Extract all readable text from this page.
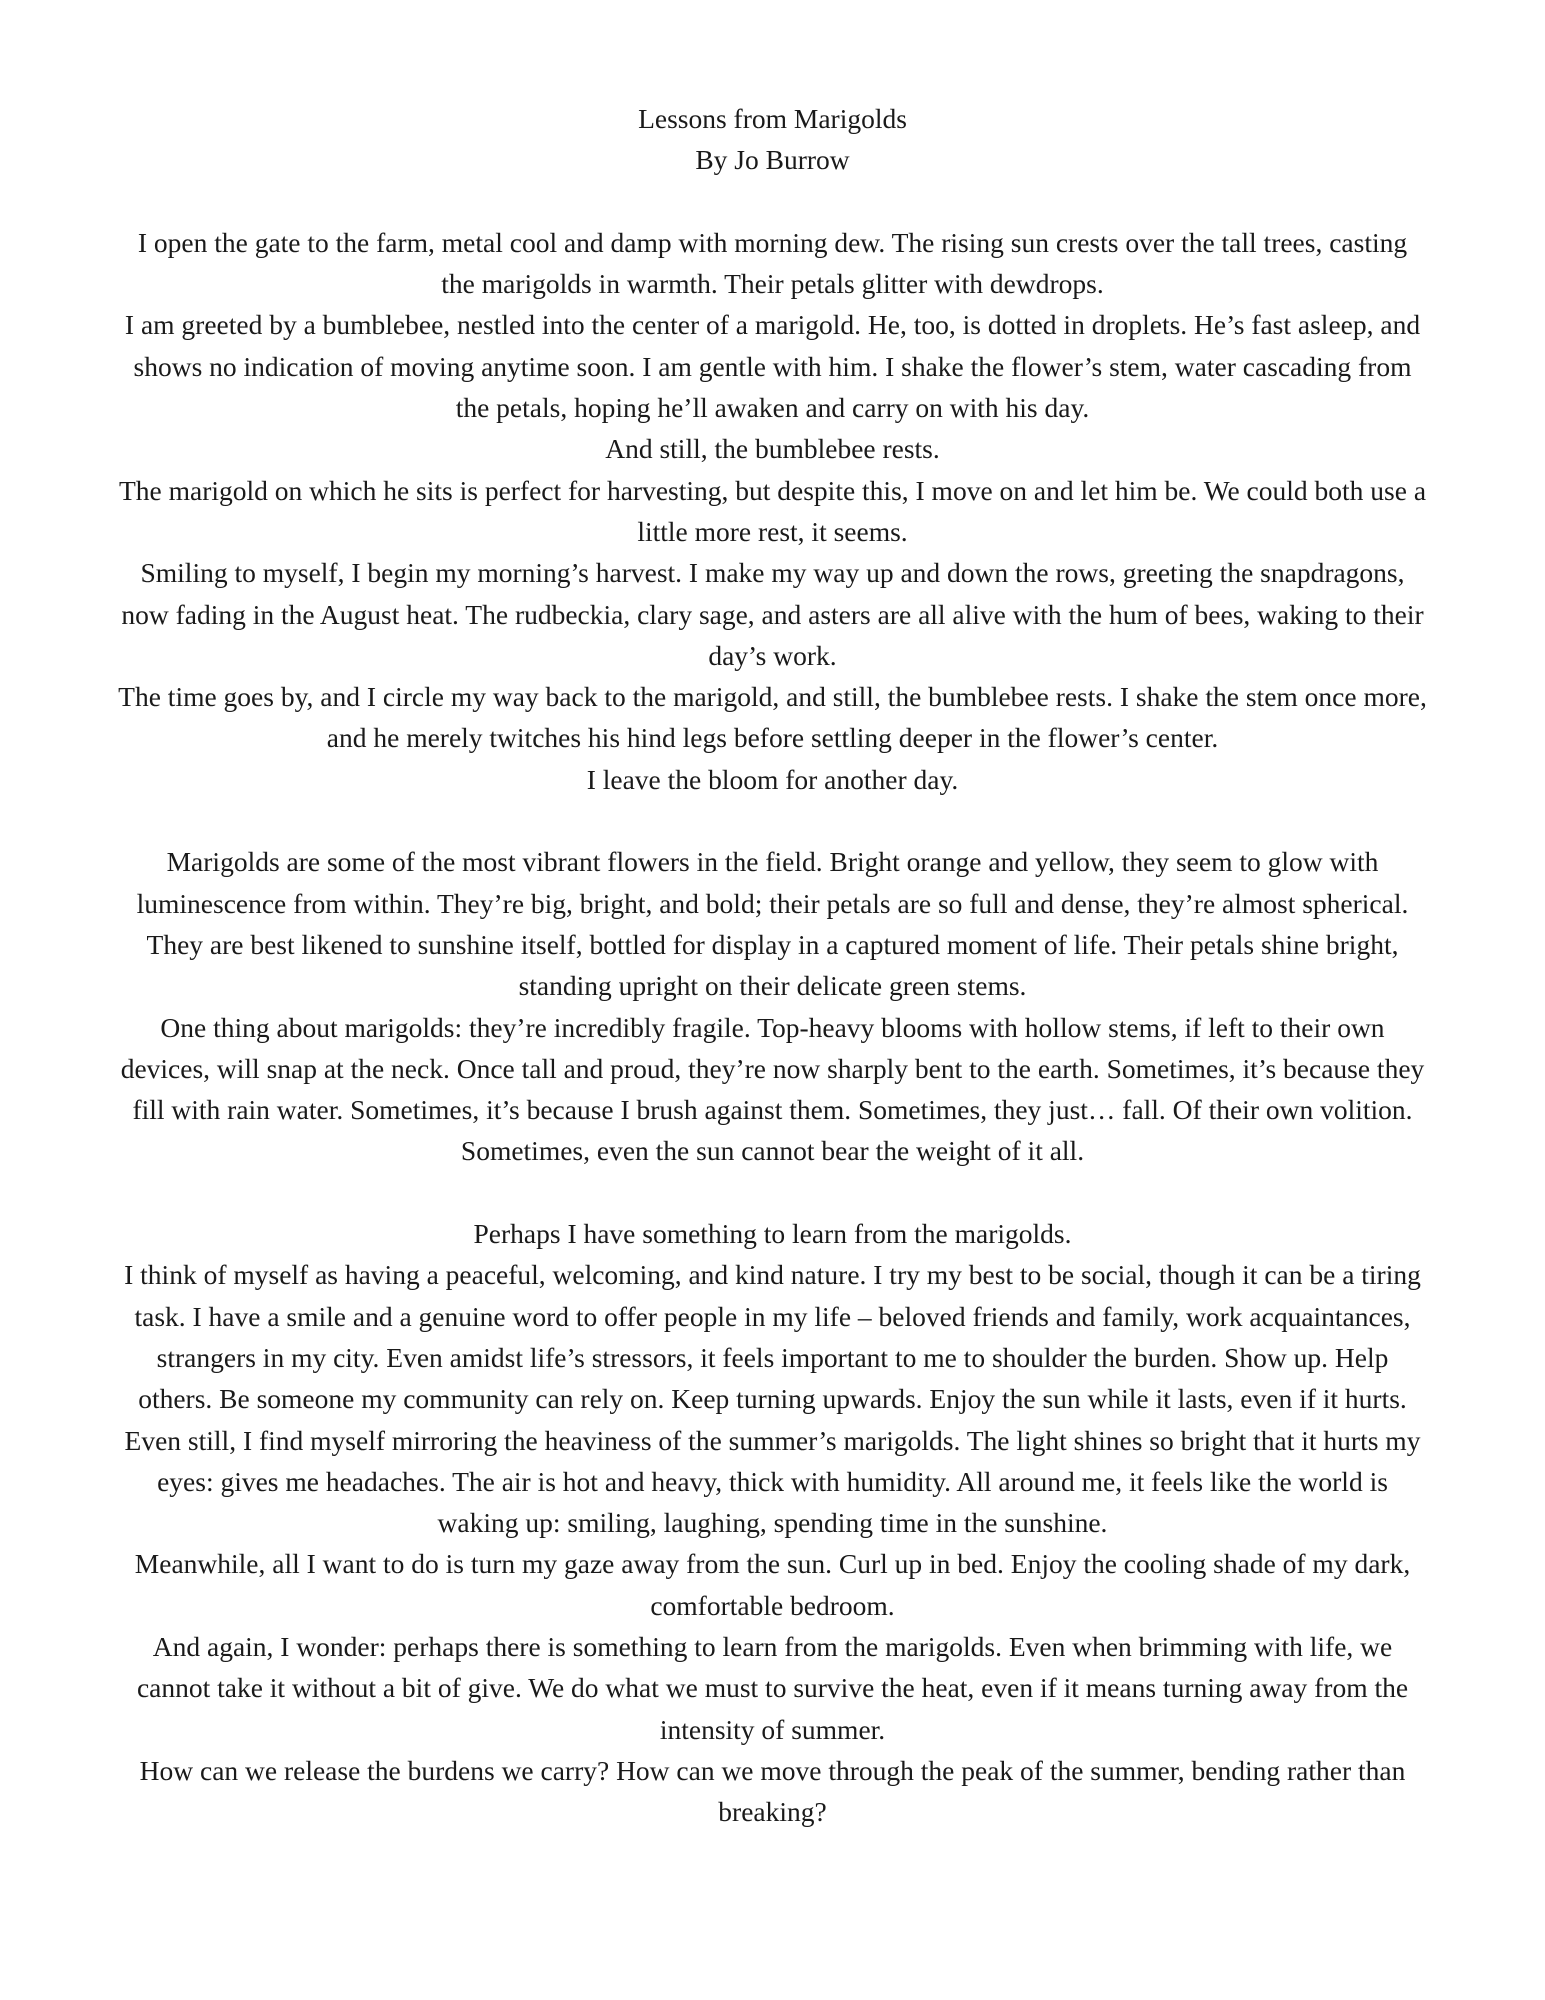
Lessons from Marigolds

By Jo Burrow

I open the gate to the farm, metal cool and damp with morning dew. The rising sun crests over the tall trees, casting the marigolds in warmth. Their petals glitter with dewdrops.

I am greeted by a bumblebee, nestled into the center of a marigold. He, too, is dotted in droplets. He’s fast asleep, and shows no indication of moving anytime soon. I am gentle with him. I shake the flower’s stem, water cascading from the petals, hoping he’ll awaken and carry on with his day.

And still, the bumblebee rests.

The marigold on which he sits is perfect for harvesting, but despite this, I move on and let him be. We could both use a little more rest, it seems.

Smiling to myself, I begin my morning’s harvest. I make my way up and down the rows, greeting the snapdragons, now fading in the August heat. The rudbeckia, clary sage, and asters are all alive with the hum of bees, waking to their day’s work.

The time goes by, and I circle my way back to the marigold, and still, the bumblebee rests. I shake the stem once more, and he merely twitches his hind legs before settling deeper in the flower’s center.

I leave the bloom for another day.

Marigolds are some of the most vibrant flowers in the field. Bright orange and yellow, they seem to glow with luminescence from within. They’re big, bright, and bold; their petals are so full and dense, they’re almost spherical. They are best likened to sunshine itself, bottled for display in a captured moment of life. Their petals shine bright, standing upright on their delicate green stems.

One thing about marigolds: they’re incredibly fragile. Top-heavy blooms with hollow stems, if left to their own devices, will snap at the neck. Once tall and proud, they’re now sharply bent to the earth. Sometimes, it’s because they fill with rain water. Sometimes, it’s because I brush against them. Sometimes, they just… fall. Of their own volition.

Sometimes, even the sun cannot bear the weight of it all.

Perhaps I have something to learn from the marigolds.

I think of myself as having a peaceful, welcoming, and kind nature. I try my best to be social, though it can be a tiring task. I have a smile and a genuine word to offer people in my life – beloved friends and family, work acquaintances, strangers in my city. Even amidst life’s stressors, it feels important to me to shoulder the burden. Show up. Help others. Be someone my community can rely on. Keep turning upwards. Enjoy the sun while it lasts, even if it hurts.

Even still, I find myself mirroring the heaviness of the summer’s marigolds. The light shines so bright that it hurts my eyes: gives me headaches. The air is hot and heavy, thick with humidity. All around me, it feels like the world is waking up: smiling, laughing, spending time in the sunshine.

Meanwhile, all I want to do is turn my gaze away from the sun. Curl up in bed. Enjoy the cooling shade of my dark, comfortable bedroom.

And again, I wonder: perhaps there is something to learn from the marigolds. Even when brimming with life, we cannot take it without a bit of give. We do what we must to survive the heat, even if it means turning away from the intensity of summer.

How can we release the burdens we carry? How can we move through the peak of the summer, bending rather than breaking?
